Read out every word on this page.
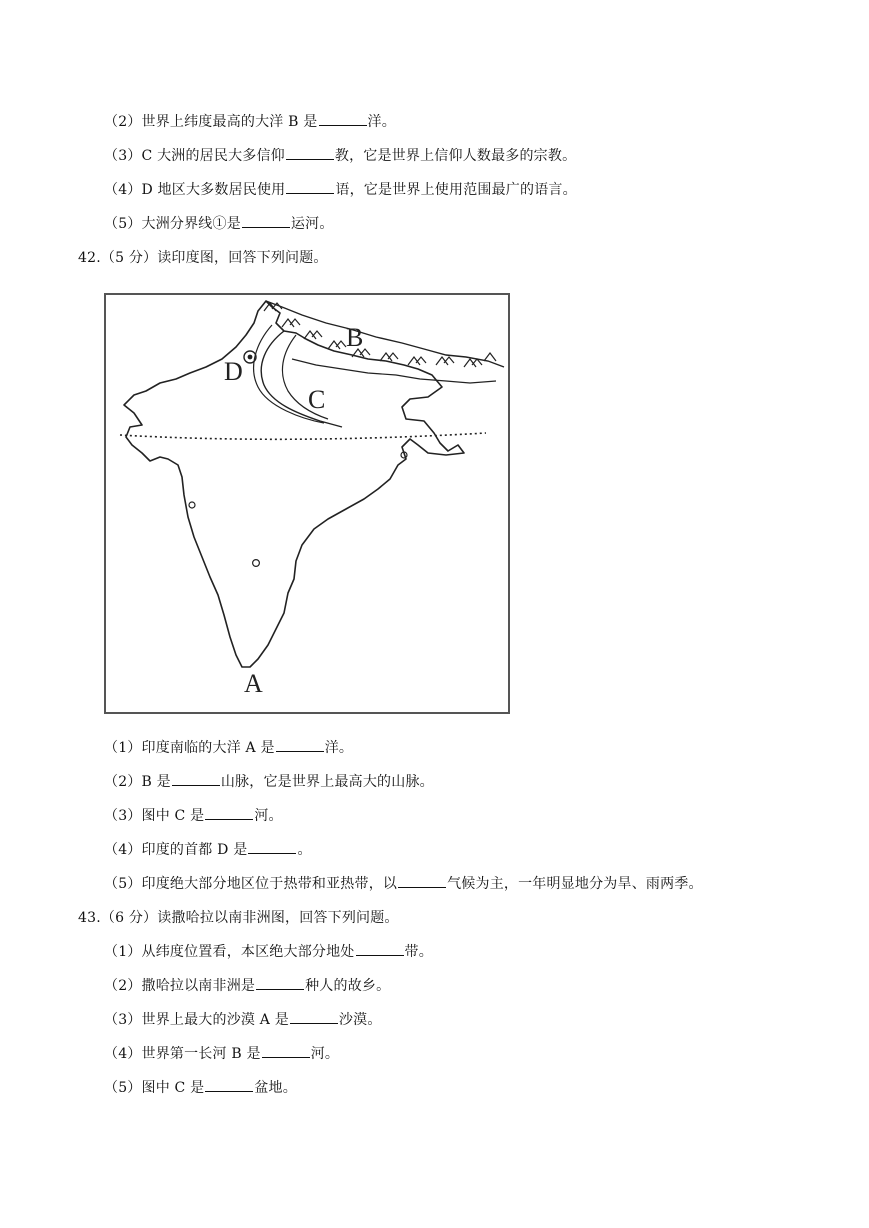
（2）世界上纬度最高的大洋 B 是	洋。
（3）C 大洲的居民大多信仰	教，它是世界上信仰人数最多的宗教。
（4）D 地区大多数居民使用	语，它是世界上使用范围最广的语言。
（5）大洲分界线①是	运河。
42.（5 分）读印度图，回答下列问题。
A
B
C
D
（1）印度南临的大洋 A 是	洋。
（2）B 是	山脉，它是世界上最高大的山脉。
（3）图中 C 是	河。
（4）印度的首都 D 是	。
（5）印度绝大部分地区位于热带和亚热带，以	气候为主，一年明显地分为旱、雨两季。
43.（6 分）读撒哈拉以南非洲图，回答下列问题。
（1）从纬度位置看，本区绝大部分地处	带。
（2）撒哈拉以南非洲是	种人的故乡。
（3）世界上最大的沙漠 A 是	沙漠。
（4）世界第一长河 B 是	河。
（5）图中 C 是	盆地。
